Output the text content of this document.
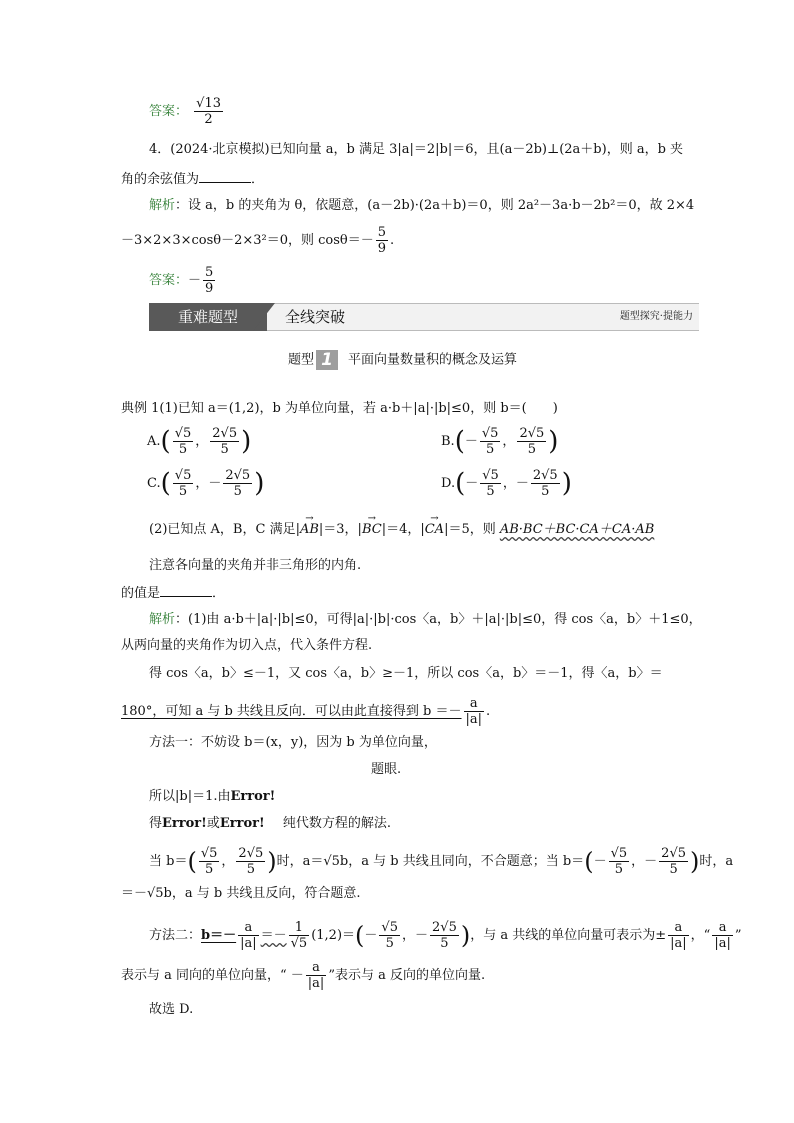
答案： $\frac{√13}{2}$
4．(2024·北京模拟)已知向量 a，b 满足 3|a|＝2|b|＝6，且(a－2b)⊥(2a＋b)，则 a，b 夹
角的余弦值为	．
解析：设 a，b 的夹角为 θ，依题意，(a－2b)·(2a＋b)＝0，则 2a²－3a·b－2b²＝0，故 2×4
－3×2×3×cosθ－2×3²＝0，则 $\cos\theta=- \frac{5}{9}$ .
答案：－ $\frac{5}{9}$
重难题型	全线突破	题型探究·提能力
题型 1 平面向量数量积的概念及运算
典例 1(1)已知 a＝(1,2)，b 为单位向量，若 a·b＋|a|·|b|≤0，则 b＝(　　)
$A.( \frac{√5}{5}$ ， $\frac{2√5}{5}$ )	$B.(- \frac{√5}{5}$ ， $\frac{2√5}{5}$ )
$C.( \frac{√5}{5}$ ，－ $\frac{2√5}{5}$ )	$D.(- \frac{√5}{5}$ ，－ $\frac{2√5}{5}$ )
(2)已知点 A，B，C 满足|→ AB|＝3，|→ BC|＝4，|→ CA|＝5，则 AB·BC＋BC·CA＋CA·AB
注意各向量的夹角并非三角形的内角.
的值是	．
解析：(1)由 a·b＋|a|·|b|≤0，可得|a|·|b|·cos〈a，b〉＋|a|·|b|≤0，得 cos〈a，b〉＋1≤0，
从两向量的夹角作为切入点，代入条件方程.
得 cos〈a，b〉≤－1，又 cos〈a，b〉≥－1，所以 cos〈a，b〉＝－1，得〈a，b〉＝
180°，可知 a 与 b 共线且反向．可以由此直接得到 $b =- \frac{a}{|a|}$ .
方法一：不妨设 b＝(x，y)，因为 b 为单位向量，
题眼.
所以|b|＝1.由Error!
得Error!或Error! 纯代数方程的解法.
当 $b=( \frac{√5}{5}$ ， $\frac{2√5}{5}$ )时，a＝√5b，a 与 b 共线且同向，不合题意；当 $b=(- \frac{√5}{5}$ ，－ $\frac{2√5}{5}$ )时，a
＝－√5b，a 与 b 共线且反向，符合题意.
方法二：$b=- \frac{a}{|a|} =- \frac{1}{√5} (1,2)=(- \frac{√5}{5}$ ，－ $\frac{2√5}{5}$ )，与 a 共线的单位向量可表示为± $\frac{a}{|a|}$ ，“ $\frac{a}{|a|}$ ”
表示与 a 同向的单位向量，“ － $\frac{a}{|a|}$ ”表示与 a 反向的单位向量.
故选 D.
